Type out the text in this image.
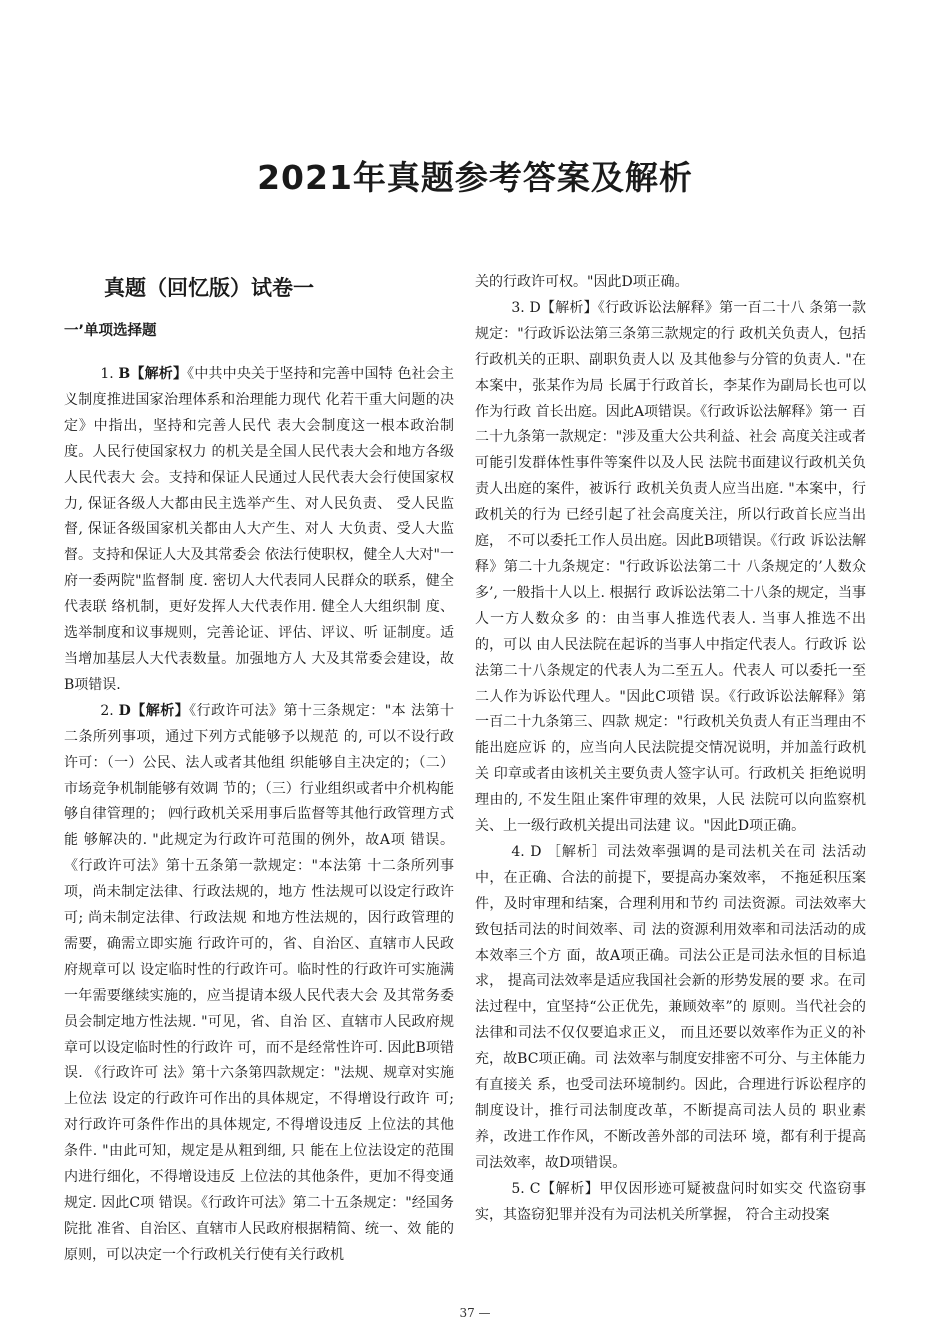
2021年真题参考答案及解析
真题（回忆版）试卷一
一’单项选择题

1. B【解析】《中共中央关于坚持和完善中国特 色社会主义制度推进国家治理体系和治理能力现代 化若干重大问题的决定》中指出，坚持和完善人民代 表大会制度这一根本政治制度。人民行使国家权力 的机关是全国人民代表大会和地方各级人民代表大 会。支持和保证人民通过人民代表大会行使国家权 力, 保证各级人大都由民主选举产生、对人民负责、 受人民监督, 保证各级国家机关都由人大产生、对人 大负责、受人大监督。支持和保证人大及其常委会 依法行使职权，健全人大对"一府一委两院"监督制 度. 密切人大代表同人民群众的联系，健全代表联 络机制，更好发挥人大代表作用. 健全人大组织制 度、选举制度和议事规则，完善论证、评估、评议、听 证制度。适当增加基层人大代表数量。加强地方人 大及其常委会建设，故B项错误.

2. D【解析】《行政许可法》第十三条规定："本 法第十二条所列事项，通过下列方式能够予以规范 的, 可以不设行政许可：（一）公民、法人或者其他组 织能够自主决定的；（二）市场竞争机制能够有效调 节的；（三）行业组织或者中介机构能够自律管理的； ㈣行政机关采用事后监督等其他行政管理方式能 够解决的. "此规定为行政许可范围的例外，故A项 错误。《行政许可法》第十五条第一款规定："本法第 十二条所列事项，尚未制定法律、行政法规的，地方 性法规可以设定行政许可; 尚未制定法律、行政法规 和地方性法规的，因行政管理的需要，确需立即实施 行政许可的，省、自治区、直辖市人民政府规章可以 设定临时性的行政许可。临时性的行政许可实施满 一年需要继续实施的，应当提请本级人民代表大会 及其常务委员会制定地方性法规. "可见，省、自治 区、直辖市人民政府规章可以设定临时性的行政许 可，而不是经常性许可. 因此B项错误. 《行政许可 法》第十六条第四款规定："法规、规章对实施上位法 设定的行政许可作出的具体规定，不得增设行政许 可; 对行政许可条件作出的具体规定, 不得增设违反 上位法的其他条件. "由此可知，规定是从粗到细, 只 能在上位法设定的范围内进行细化，不得增设违反 上位法的其他条件，更加不得变通规定. 因此C项 错误。《行政许可法》第二十五条规定："经国务院批 准省、自治区、直辖市人民政府根据精简、统一、效 能的原则，可以决定一个行政机关行使有关行政机

关的行政许可权。"因此D项正确。

3. D【解析】《行政诉讼法解释》第一百二十八 条第一款规定："行政诉讼法第三条第三款规定的行 政机关负责人，包括行政机关的正职、副职负责人以 及其他参与分管的负责人. "在本案中，张某作为局 长属于行政首长，李某作为副局长也可以作为行政 首长出庭。因此A项错误。《行政诉讼法解释》第一 百二十九条第一款规定："涉及重大公共利益、社会 高度关注或者可能引发群体性事件等案件以及人民 法院书面建议行政机关负责人出庭的案件，被诉行 政机关负责人应当出庭. "本案中，行政机关的行为 已经引起了社会高度关注，所以行政首长应当出庭， 不可以委托工作人员出庭。因此B项错误。《行政 诉讼法解释》第二十九条规定："行政诉讼法第二十 八条规定的’人数众多’, 一般指十人以上. 根据行 政诉讼法第二十八条的规定，当事人一方人数众多 的：由当事人推选代表人. 当事人推选不出的，可以 由人民法院在起诉的当事人中指定代表人。行政诉 讼法第二十八条规定的代表人为二至五人。代表人 可以委托一至二人作为诉讼代理人。"因此C项错 误。《行政诉讼法解释》第一百二十九条第三、四款 规定："行政机关负责人有正当理由不能出庭应诉 的，应当向人民法院提交情况说明，并加盖行政机关 印章或者由该机关主要负责人签字认可。行政机关 拒绝说明理由的, 不发生阻止案件审理的效果，人民 法院可以向监察机关、上一级行政机关提出司法建 议。"因此D项正确。

4. D ［解析］司法效率强调的是司法机关在司 法活动中，在正确、合法的前提下，要提高办案效率， 不拖延积压案件，及时审理和结案，合理利用和节约 司法资源。司法效率大致包括司法的时间效率、司 法的资源利用效率和司法活动的成本效率三个方 面，故A项正确。司法公正是司法永恒的目标追求， 提高司法效率是适应我国社会新的形势发展的要 求。在司法过程中，宜坚持“公正优先，兼顾效率”的 原则。当代社会的法律和司法不仅仅要追求正义， 而且还要以效率作为正义的补充，故BC项正确。司 法效率与制度安排密不可分、与主体能力有直接关 系，也受司法环境制约。因此，合理进行诉讼程序的 制度设计，推行司法制度改革，不断提高司法人员的 职业素养，改进工作作风，不断改善外部的司法环 境，都有利于提高司法效率，故D项错误。

5. C【解析】甲仅因形迹可疑被盘问时如实交 代盗窃事实，其盗窃犯罪并没有为司法机关所掌握， 符合主动投案

37 —
